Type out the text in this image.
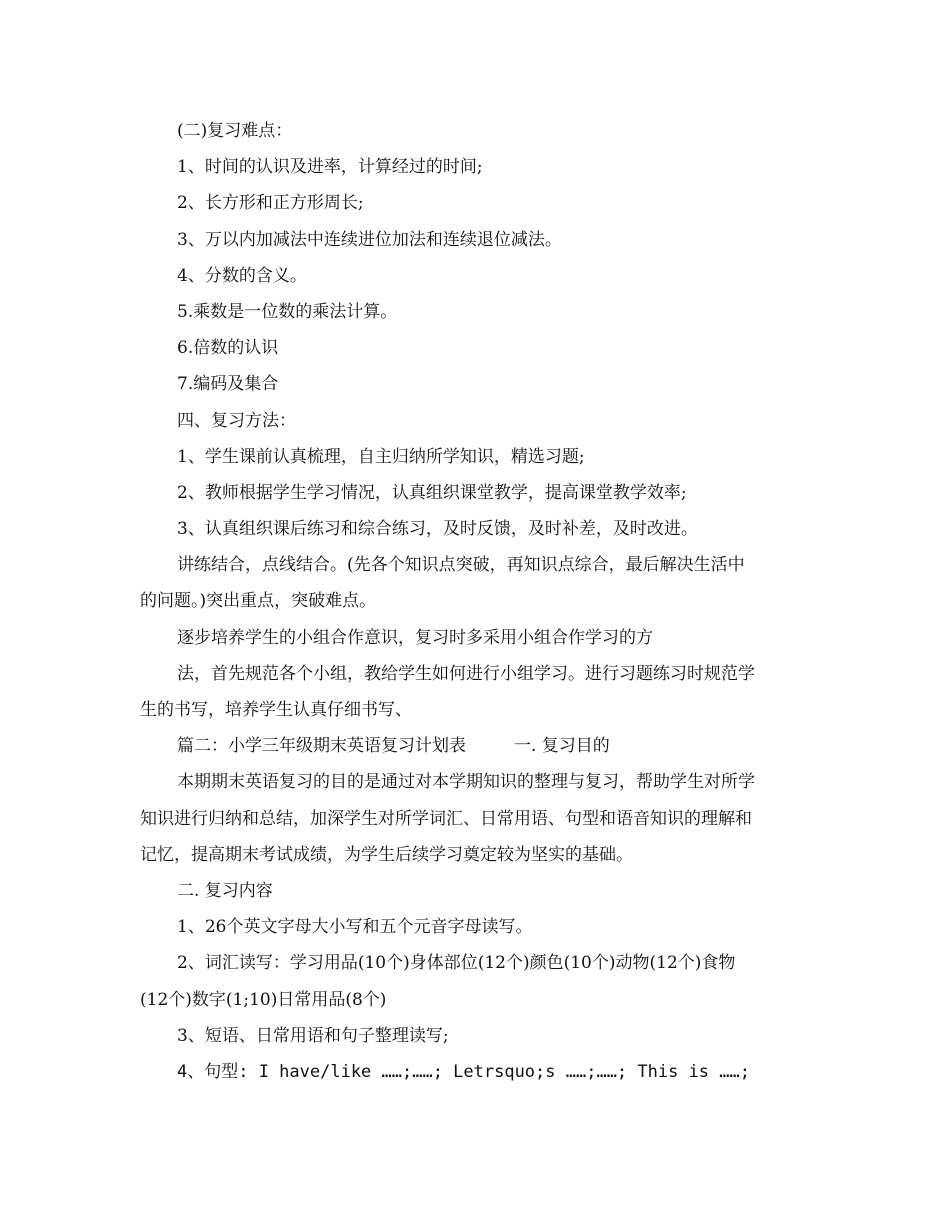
(二)复习难点：
1、时间的认识及进率，计算经过的时间;
2、长方形和正方形周长;
3、万以内加减法中连续进位加法和连续退位减法。
4、分数的含义。
5.乘数是一位数的乘法计算。
6.倍数的认识
7.编码及集合
四、复习方法：
1、学生课前认真梳理，自主归纳所学知识，精选习题;
2、教师根据学生学习情况，认真组织课堂教学，提高课堂教学效率;
3、认真组织课后练习和综合练习，及时反馈，及时补差，及时改进。
讲练结合，点线结合。(先各个知识点突破，再知识点综合，最后解决生活中
的问题。)突出重点，突破难点。
逐步培养学生的小组合作意识，复习时多采用小组合作学习的方
法，首先规范各个小组，教给学生如何进行小组学习。进行习题练习时规范学
生的书写，培养学生认真仔细书写、
篇二：小学三年级期末英语复习计划表	一. 复习目的
本期期末英语复习的目的是通过对本学期知识的整理与复习，帮助学生对所学
知识进行归纳和总结，加深学生对所学词汇、日常用语、句型和语音知识的理解和
记忆，提高期末考试成绩，为学生后续学习奠定较为坚实的基础。
二. 复习内容
1、26个英文字母大小写和五个元音字母读写。
2、词汇读写：学习用品(10个)身体部位(12个)颜色(10个)动物(12个)食物
(12个)数字(1;10)日常用品(8个)
3、短语、日常用语和句子整理读写;
4、句型: I have/like ……;……; Letrsquo;s ……;……; This is ……;
